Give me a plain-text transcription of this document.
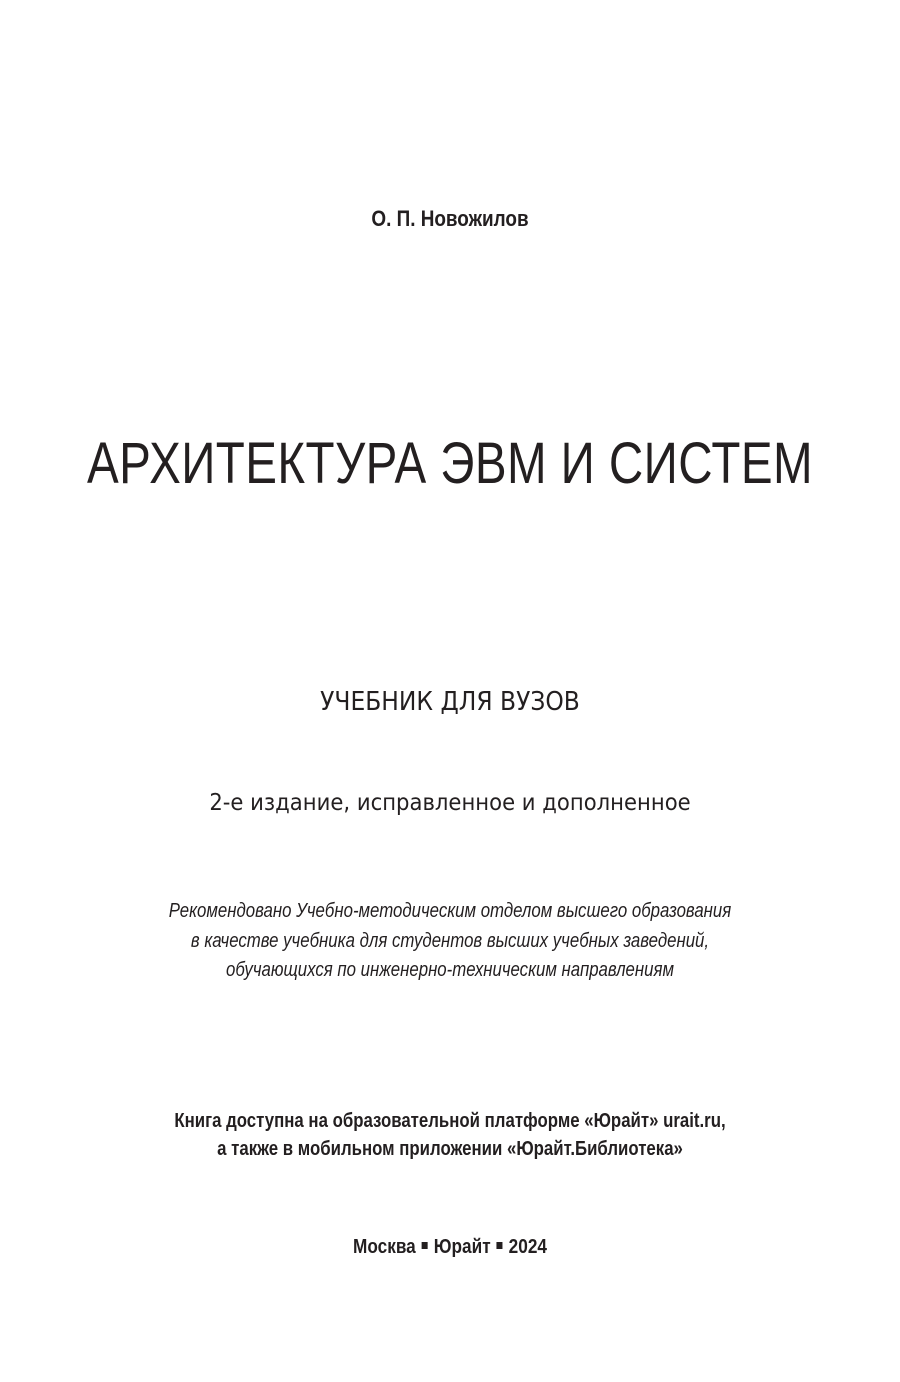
О. П. Новожилов
АРХИТЕКТУРА ЭВМ И СИСТЕМ
УЧЕБНИК ДЛЯ ВУЗОВ
2-е издание, исправленное и дополненное
Рекомендовано Учебно-методическим отделом высшего образования
в качестве учебника для студентов высших учебных заведений,
обучающихся по инженерно-техническим направлениям
Книга доступна на образовательной платформе «Юрайт» urait.ru,
а также в мобильном приложении «Юрайт.Библиотека»
Москва Юрайт 2024
